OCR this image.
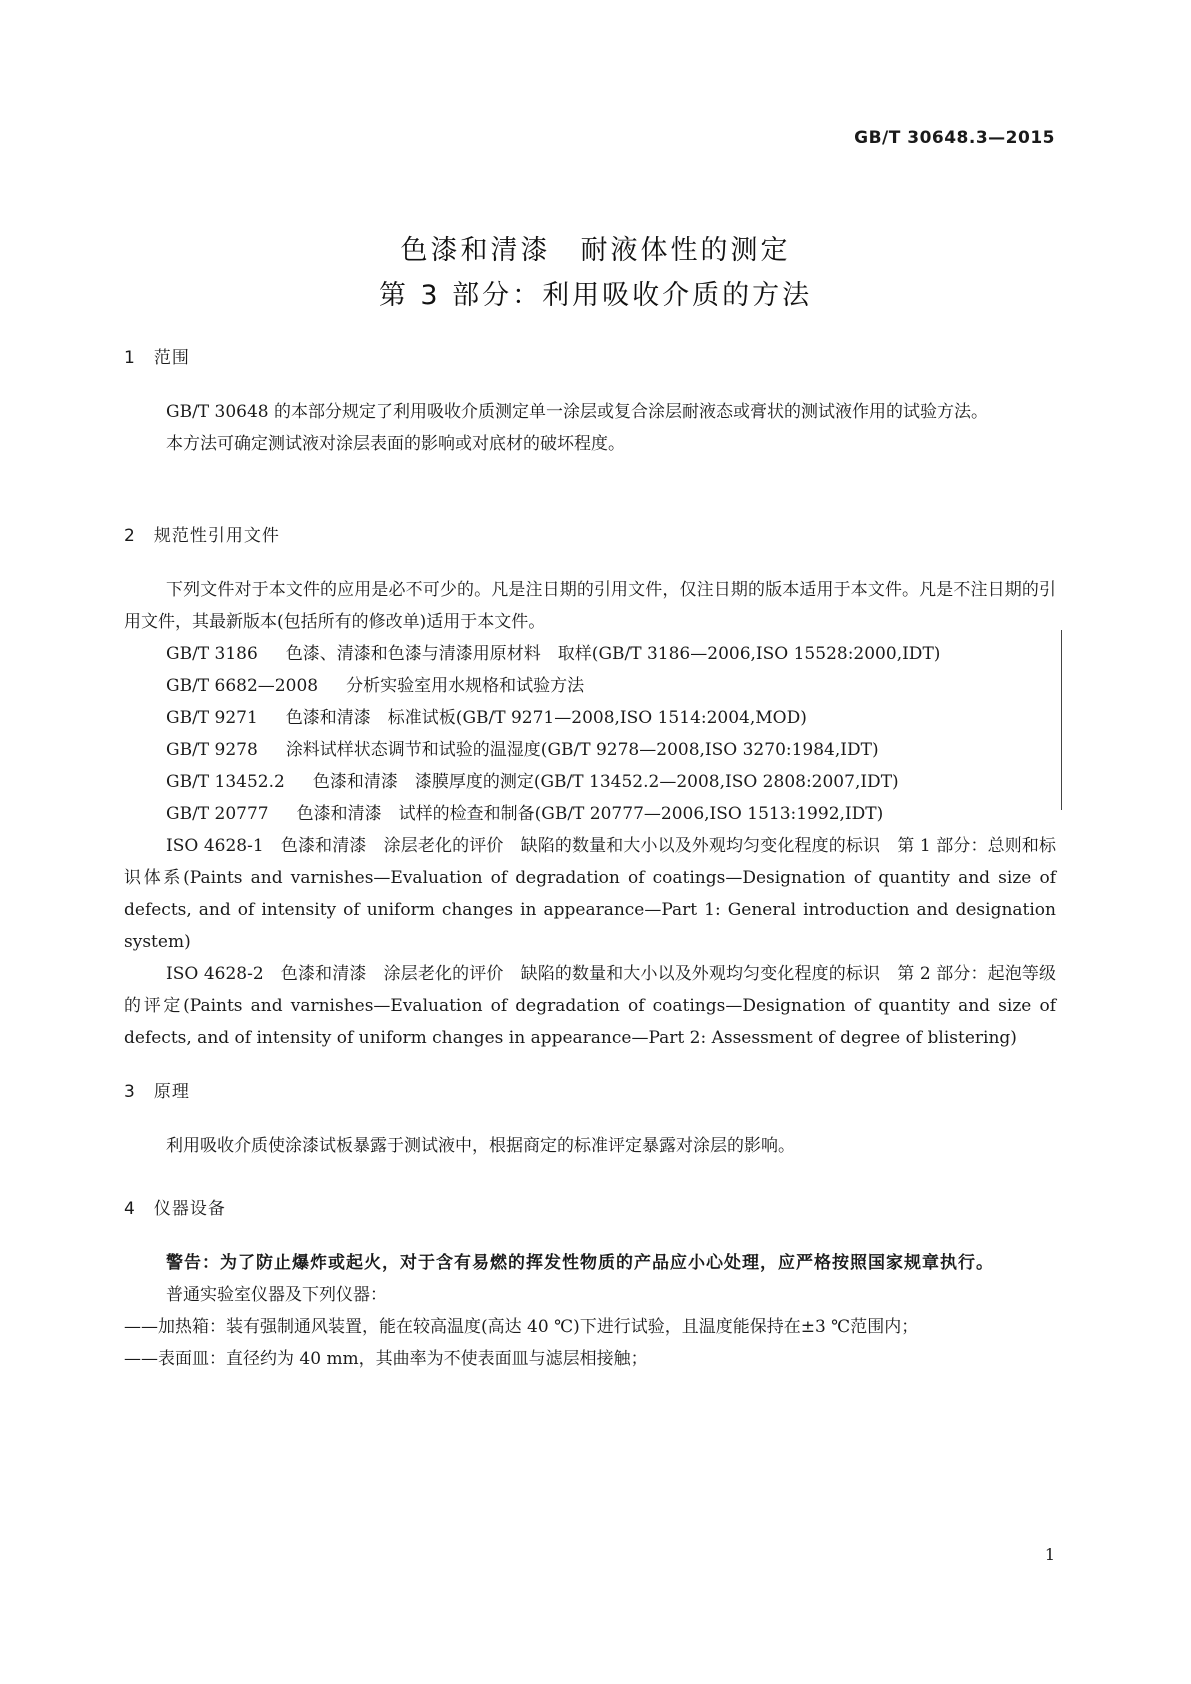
GB/T 30648.3—2015
色漆和清漆　耐液体性的测定
第 3 部分：利用吸收介质的方法
1　范围

GB/T 30648 的本部分规定了利用吸收介质测定单一涂层或复合涂层耐液态或膏状的测试液作用的试验方法。

本方法可确定测试液对涂层表面的影响或对底材的破坏程度。

2　规范性引用文件

下列文件对于本文件的应用是必不可少的。凡是注日期的引用文件，仅注日期的版本适用于本文件。凡是不注日期的引用文件，其最新版本(包括所有的修改单)适用于本文件。

GB/T 3186 色漆、清漆和色漆与清漆用原材料　取样(GB/T 3186—2006,ISO 15528:2000,IDT)

GB/T 6682—2008 分析实验室用水规格和试验方法

GB/T 9271 色漆和清漆　标准试板(GB/T 9271—2008,ISO 1514:2004,MOD)

GB/T 9278 涂料试样状态调节和试验的温湿度(GB/T 9278—2008,ISO 3270:1984,IDT)

GB/T 13452.2 色漆和清漆　漆膜厚度的测定(GB/T 13452.2—2008,ISO 2808:2007,IDT)

GB/T 20777 色漆和清漆　试样的检查和制备(GB/T 20777—2006,ISO 1513:1992,IDT)

ISO 4628-1　色漆和清漆　涂层老化的评价　缺陷的数量和大小以及外观均匀变化程度的标识　第 1 部分：总则和标识体系(Paints and varnishes—Evaluation of degradation of coatings—Designation of quantity and size of defects, and of intensity of uniform changes in appearance—Part 1: General introduction and designation system)

ISO 4628-2　色漆和清漆　涂层老化的评价　缺陷的数量和大小以及外观均匀变化程度的标识　第 2 部分：起泡等级的评定(Paints and varnishes—Evaluation of degradation of coatings—Designation of quantity and size of defects, and of intensity of uniform changes in appearance—Part 2: Assessment of degree of blistering)

3　原理

利用吸收介质使涂漆试板暴露于测试液中，根据商定的标准评定暴露对涂层的影响。

4　仪器设备

警告：为了防止爆炸或起火，对于含有易燃的挥发性物质的产品应小心处理，应严格按照国家规章执行。

普通实验室仪器及下列仪器：

——加热箱：装有强制通风装置，能在较高温度(高达 40 ℃)下进行试验，且温度能保持在±3 ℃范围内；

——表面皿：直径约为 40 mm，其曲率为不使表面皿与滤层相接触；

1
